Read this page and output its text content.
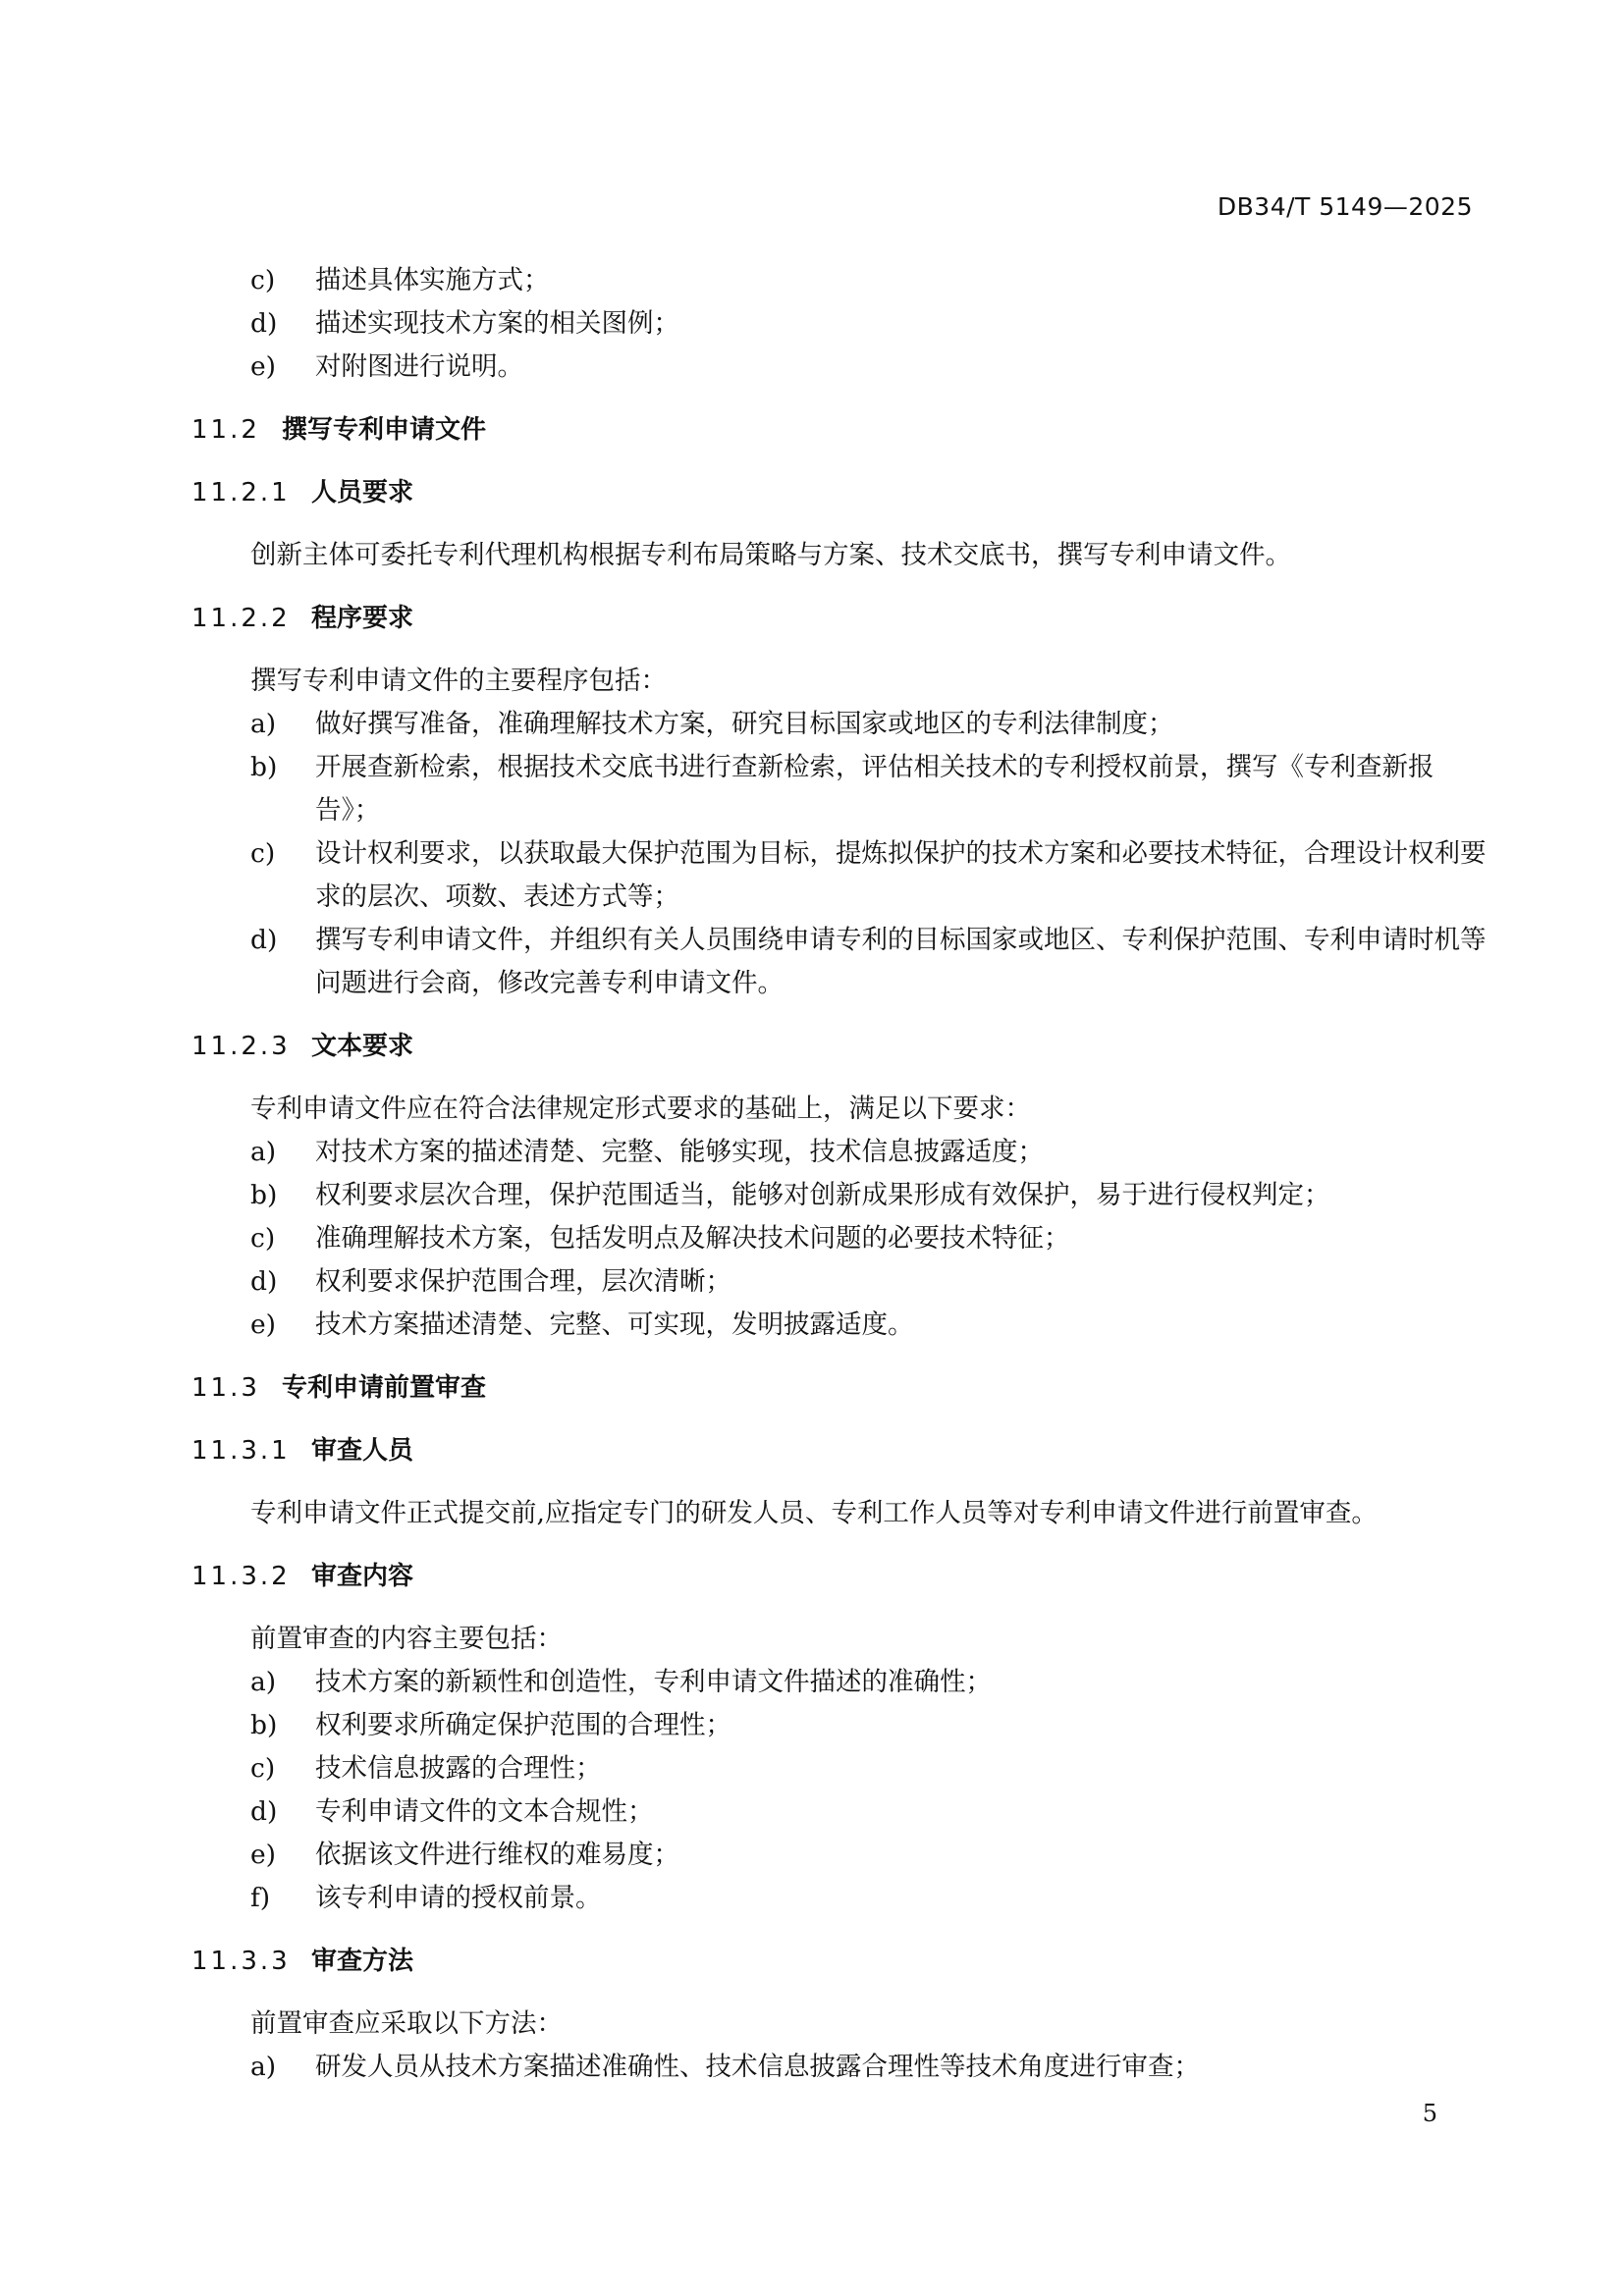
DB34/T 5149—2025

c) 描述具体实施方式；

d) 描述实现技术方案的相关图例；

e) 对附图进行说明。

11.2 撰写专利申请文件
11.2.1 人员要求

创新主体可委托专利代理机构根据专利布局策略与方案、技术交底书，撰写专利申请文件。

11.2.2 程序要求

撰写专利申请文件的主要程序包括：

a) 做好撰写准备，准确理解技术方案，研究目标国家或地区的专利法律制度；

b) 开展查新检索，根据技术交底书进行查新检索，评估相关技术的专利授权前景，撰写《专利查新报告》；

c) 设计权利要求，以获取最大保护范围为目标，提炼拟保护的技术方案和必要技术特征，合理设计权利要求的层次、项数、表述方式等；

d) 撰写专利申请文件，并组织有关人员围绕申请专利的目标国家或地区、专利保护范围、专利申请时机等问题进行会商，修改完善专利申请文件。

11.2.3 文本要求

专利申请文件应在符合法律规定形式要求的基础上，满足以下要求：

a) 对技术方案的描述清楚、完整、能够实现，技术信息披露适度；

b) 权利要求层次合理，保护范围适当，能够对创新成果形成有效保护，易于进行侵权判定；

c) 准确理解技术方案，包括发明点及解决技术问题的必要技术特征；

d) 权利要求保护范围合理，层次清晰；

e) 技术方案描述清楚、完整、可实现，发明披露适度。

11.3 专利申请前置审查
11.3.1 审查人员

专利申请文件正式提交前,应指定专门的研发人员、专利工作人员等对专利申请文件进行前置审查。

11.3.2 审查内容

前置审查的内容主要包括：

a) 技术方案的新颖性和创造性，专利申请文件描述的准确性；

b) 权利要求所确定保护范围的合理性；

c) 技术信息披露的合理性；

d) 专利申请文件的文本合规性；

e) 依据该文件进行维权的难易度；

f) 该专利申请的授权前景。

11.3.3 审查方法

前置审查应采取以下方法：

a) 研发人员从技术方案描述准确性、技术信息披露合理性等技术角度进行审查；

5
